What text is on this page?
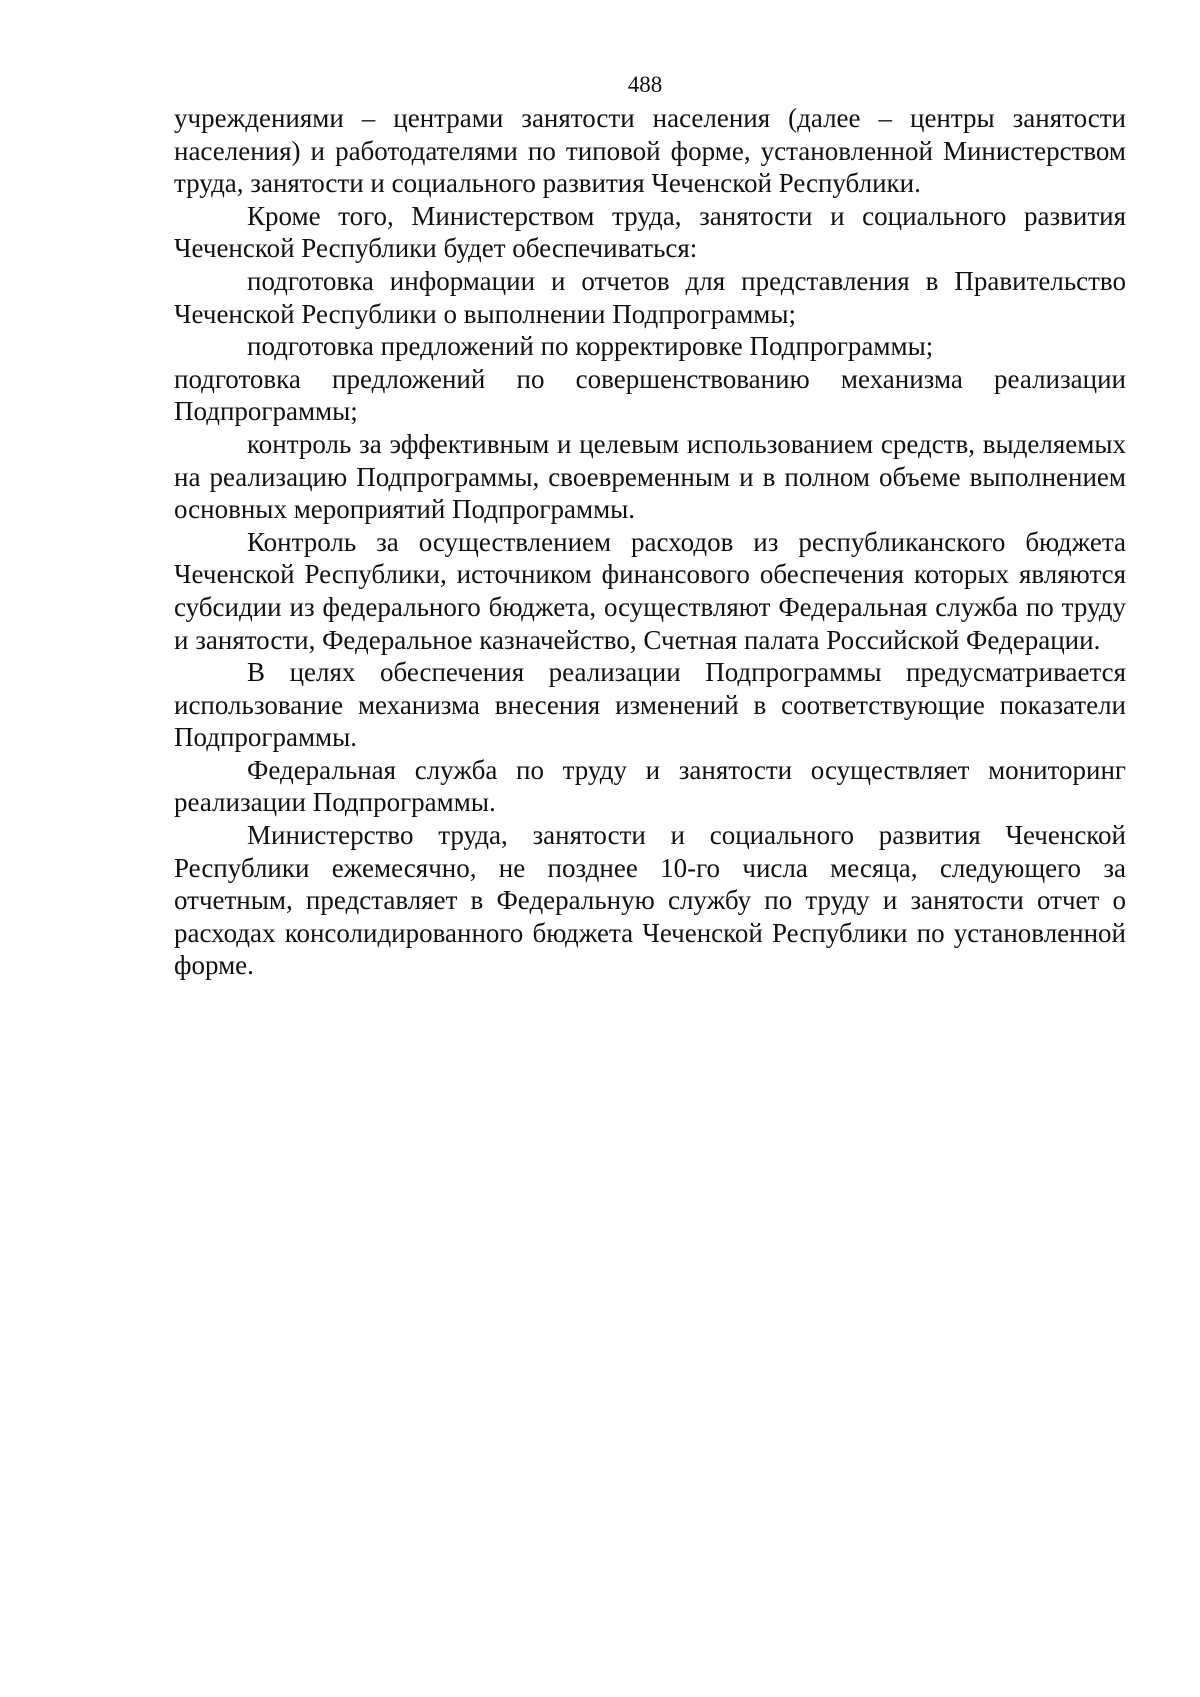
488

учреждениями – центрами занятости населения (далее – центры занятости населения) и работодателями по типовой форме, установленной Министерством труда, занятости и социального развития Чеченской Республики.

Кроме того, Министерством труда, занятости и социального развития Чеченской Республики будет обеспечиваться:

подготовка информации и отчетов для представления в Правительство Чеченской Республики о выполнении Подпрограммы;

подготовка предложений по корректировке Подпрограммы;

подготовка предложений по совершенствованию механизма реализации Подпрограммы;

контроль за эффективным и целевым использованием средств, выделяемых на реализацию Подпрограммы, своевременным и в полном объеме выполнением основных мероприятий Подпрограммы.

Контроль за осуществлением расходов из республиканского бюджета Чеченской Республики, источником финансового обеспечения которых являются субсидии из федерального бюджета, осуществляют Федеральная служба по труду и занятости, Федеральное казначейство, Счетная палата Российской Федерации.

В целях обеспечения реализации Подпрограммы предусматривается использование механизма внесения изменений в соответствующие показатели Подпрограммы.

Федеральная служба по труду и занятости осуществляет мониторинг реализации Подпрограммы.

Министерство труда, занятости и социального развития Чеченской Республики ежемесячно, не позднее 10-го числа месяца, следующего за отчетным, представляет в Федеральную службу по труду и занятости отчет о расходах консолидированного бюджета Чеченской Республики по установленной форме.
